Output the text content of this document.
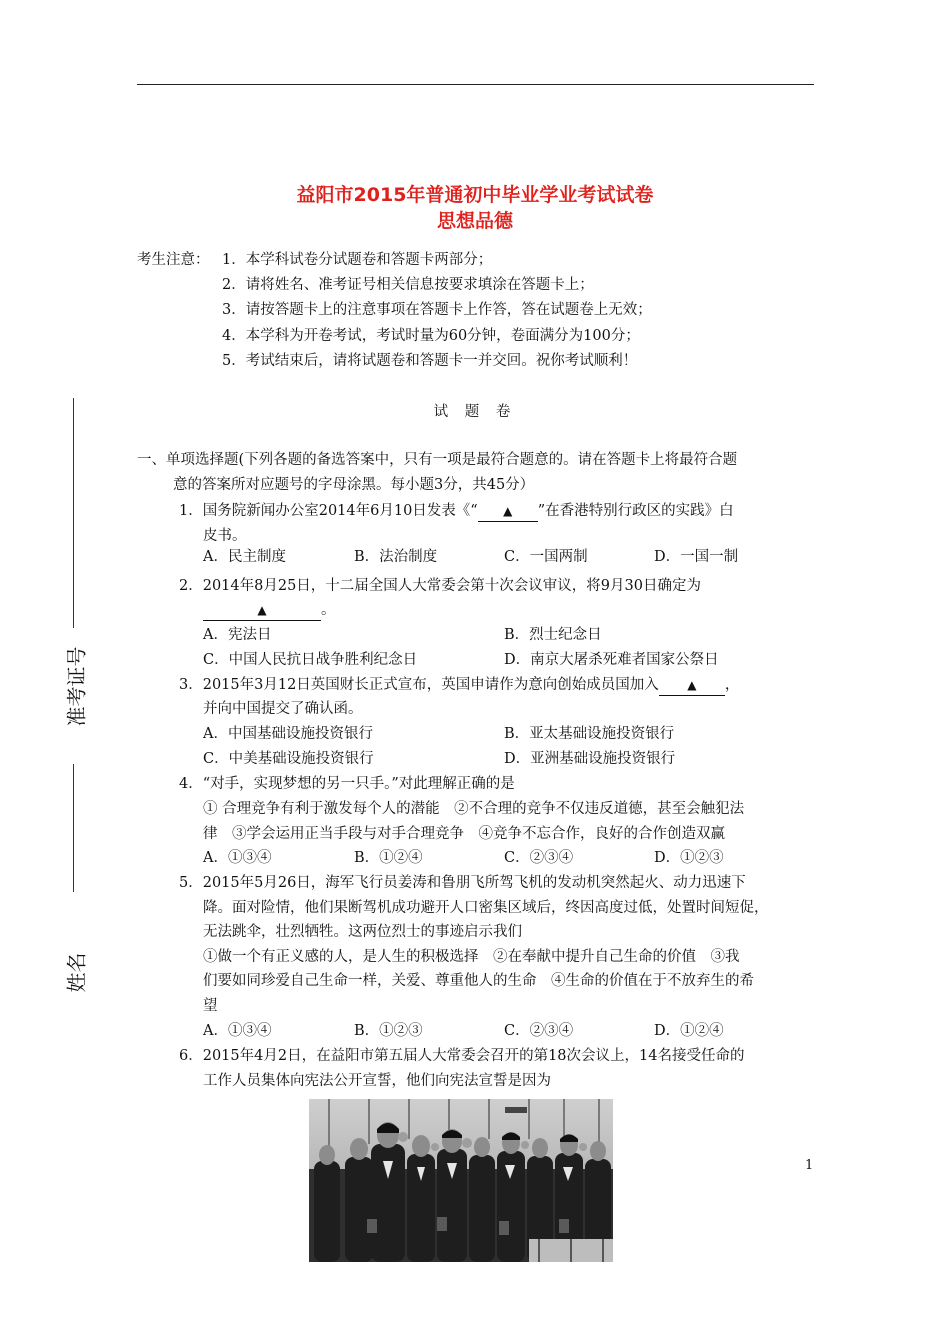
益阳市2015年普通初中毕业学业考试试卷
思想品德
考生注意： 1．本学科试卷分试题卷和答题卡两部分；
2．请将姓名、准考证号相关信息按要求填涂在答题卡上；
3．请按答题卡上的注意事项在答题卡上作答，答在试题卷上无效；
4．本学科为开卷考试，考试时量为60分钟，卷面满分为100分；
5．考试结束后，请将试题卷和答题卡一并交回。祝你考试顺利！
试 题 卷
一、单项选择题(下列各题的备选答案中，只有一项是最符合题意的。请在答题卡上将最符合题
意的答案所对应题号的字母涂黑。每小题3分，共45分）
1．国务院新闻办公室2014年6月10日发表《“ ▲ ”在香港特别行政区的实践》白
皮书。
A．民主制度	B．法治制度	C．一国两制	D．一国一制
2．2014年8月25日，十二届全国人大常委会第十次会议审议，将9月30日确定为
▲	。
A．宪法日	B．烈士纪念日
C．中国人民抗日战争胜利纪念日	D．南京大屠杀死难者国家公祭日
3．2015年3月12日英国财长正式宣布，英国申请作为意向创始成员国加入 ▲ ，
并向中国提交了确认函。
A．中国基础设施投资银行	B．亚太基础设施投资银行
C．中美基础设施投资银行	D．亚洲基础设施投资银行
4．“对手，实现梦想的另一只手。”对此理解正确的是
① 合理竞争有利于激发每个人的潜能　②不合理的竞争不仅违反道德，甚至会触犯法
律　③学会运用正当手段与对手合理竞争　④竞争不忘合作，良好的合作创造双赢
A．①③④	B．①②④	C．②③④	D．①②③
5．2015年5月26日，海军飞行员姜涛和鲁朋飞所驾飞机的发动机突然起火、动力迅速下
降。面对险情，他们果断驾机成功避开人口密集区域后，终因高度过低，处置时间短促，
无法跳伞，壮烈牺牲。这两位烈士的事迹启示我们
①做一个有正义感的人，是人生的积极选择　②在奉献中提升自己生命的价值　③我
们要如同珍爱自己生命一样，关爱、尊重他人的生命　④生命的价值在于不放弃生的希
望
A．①③④	B．①②③	C．②③④	D．①②④
6．2015年4月2日，在益阳市第五届人大常委会召开的第18次会议上，14名接受任命的
工作人员集体向宪法公开宣誓，他们向宪法宣誓是因为
准考证号
姓名
1
